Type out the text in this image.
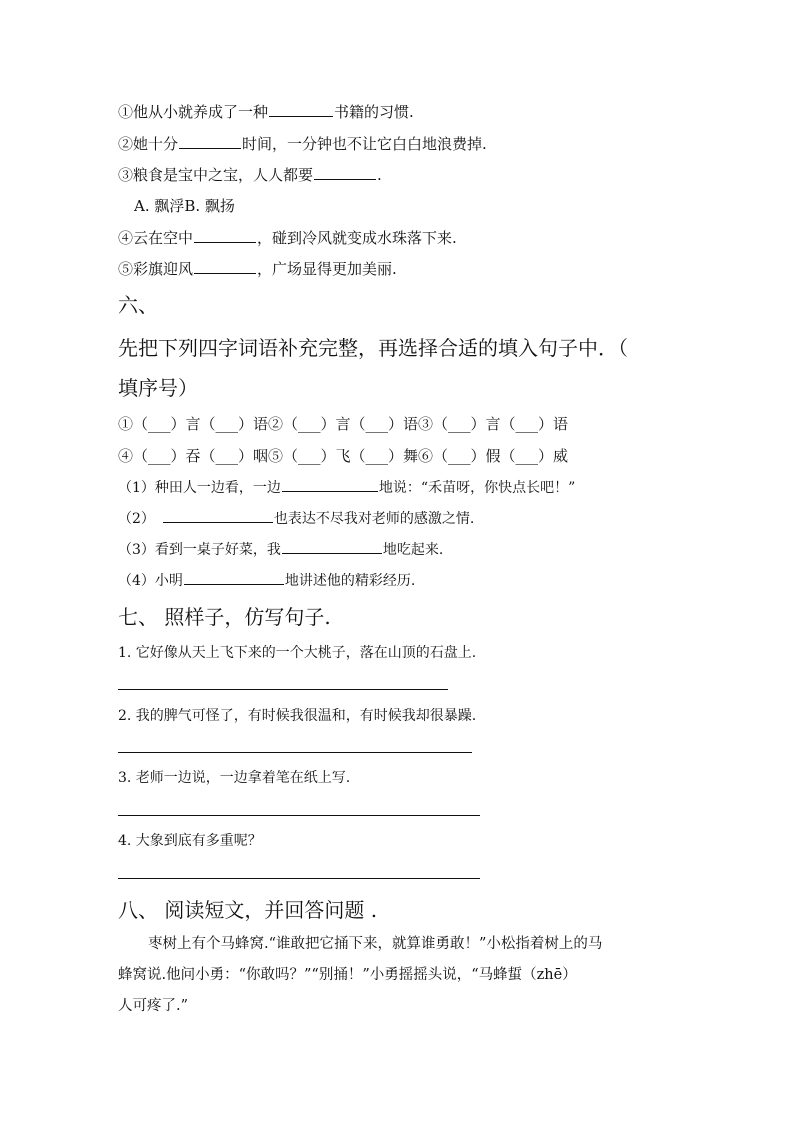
①他从小就养成了一种	书籍的习惯.
②她十分	时间，一分钟也不让它白白地浪费掉.
③粮食是宝中之宝，人人都要	.
A. 飘浮B. 飘扬
④云在空中	，碰到冷风就变成水珠落下来.
⑤彩旗迎风	，广场显得更加美丽.
六、
先把下列四字词语补充完整，再选择合适的填入句子中．（
填序号）
①（___）言（___）语②（___）言（___）语③（___）言（___）语
④（___）吞（___）咽⑤（___）飞（___）舞⑥（___）假（___）威
（1）种田人一边看，一边	地说：“禾苗呀，你快点长吧！”
（2）	也表达不尽我对老师的感激之情.
（3）看到一桌子好菜，我	地吃起来.
（4）小明	地讲述他的精彩经历.
七、 照样子，仿写句子.
1. 它好像从天上飞下来的一个大桃子，落在山顶的石盘上.
2. 我的脾气可怪了，有时候我很温和，有时候我却很暴躁.
3. 老师一边说，一边拿着笔在纸上写.
4. 大象到底有多重呢？
八、 阅读短文，并回答问题 .
枣树上有个马蜂窝.“谁敢把它捅下来，就算谁勇敢！”小松指着树上的马
蜂窝说.他问小勇：“你敢吗？”“别捅！”小勇摇摇头说，“马蜂蜇（zhē）
人可疼了.”
